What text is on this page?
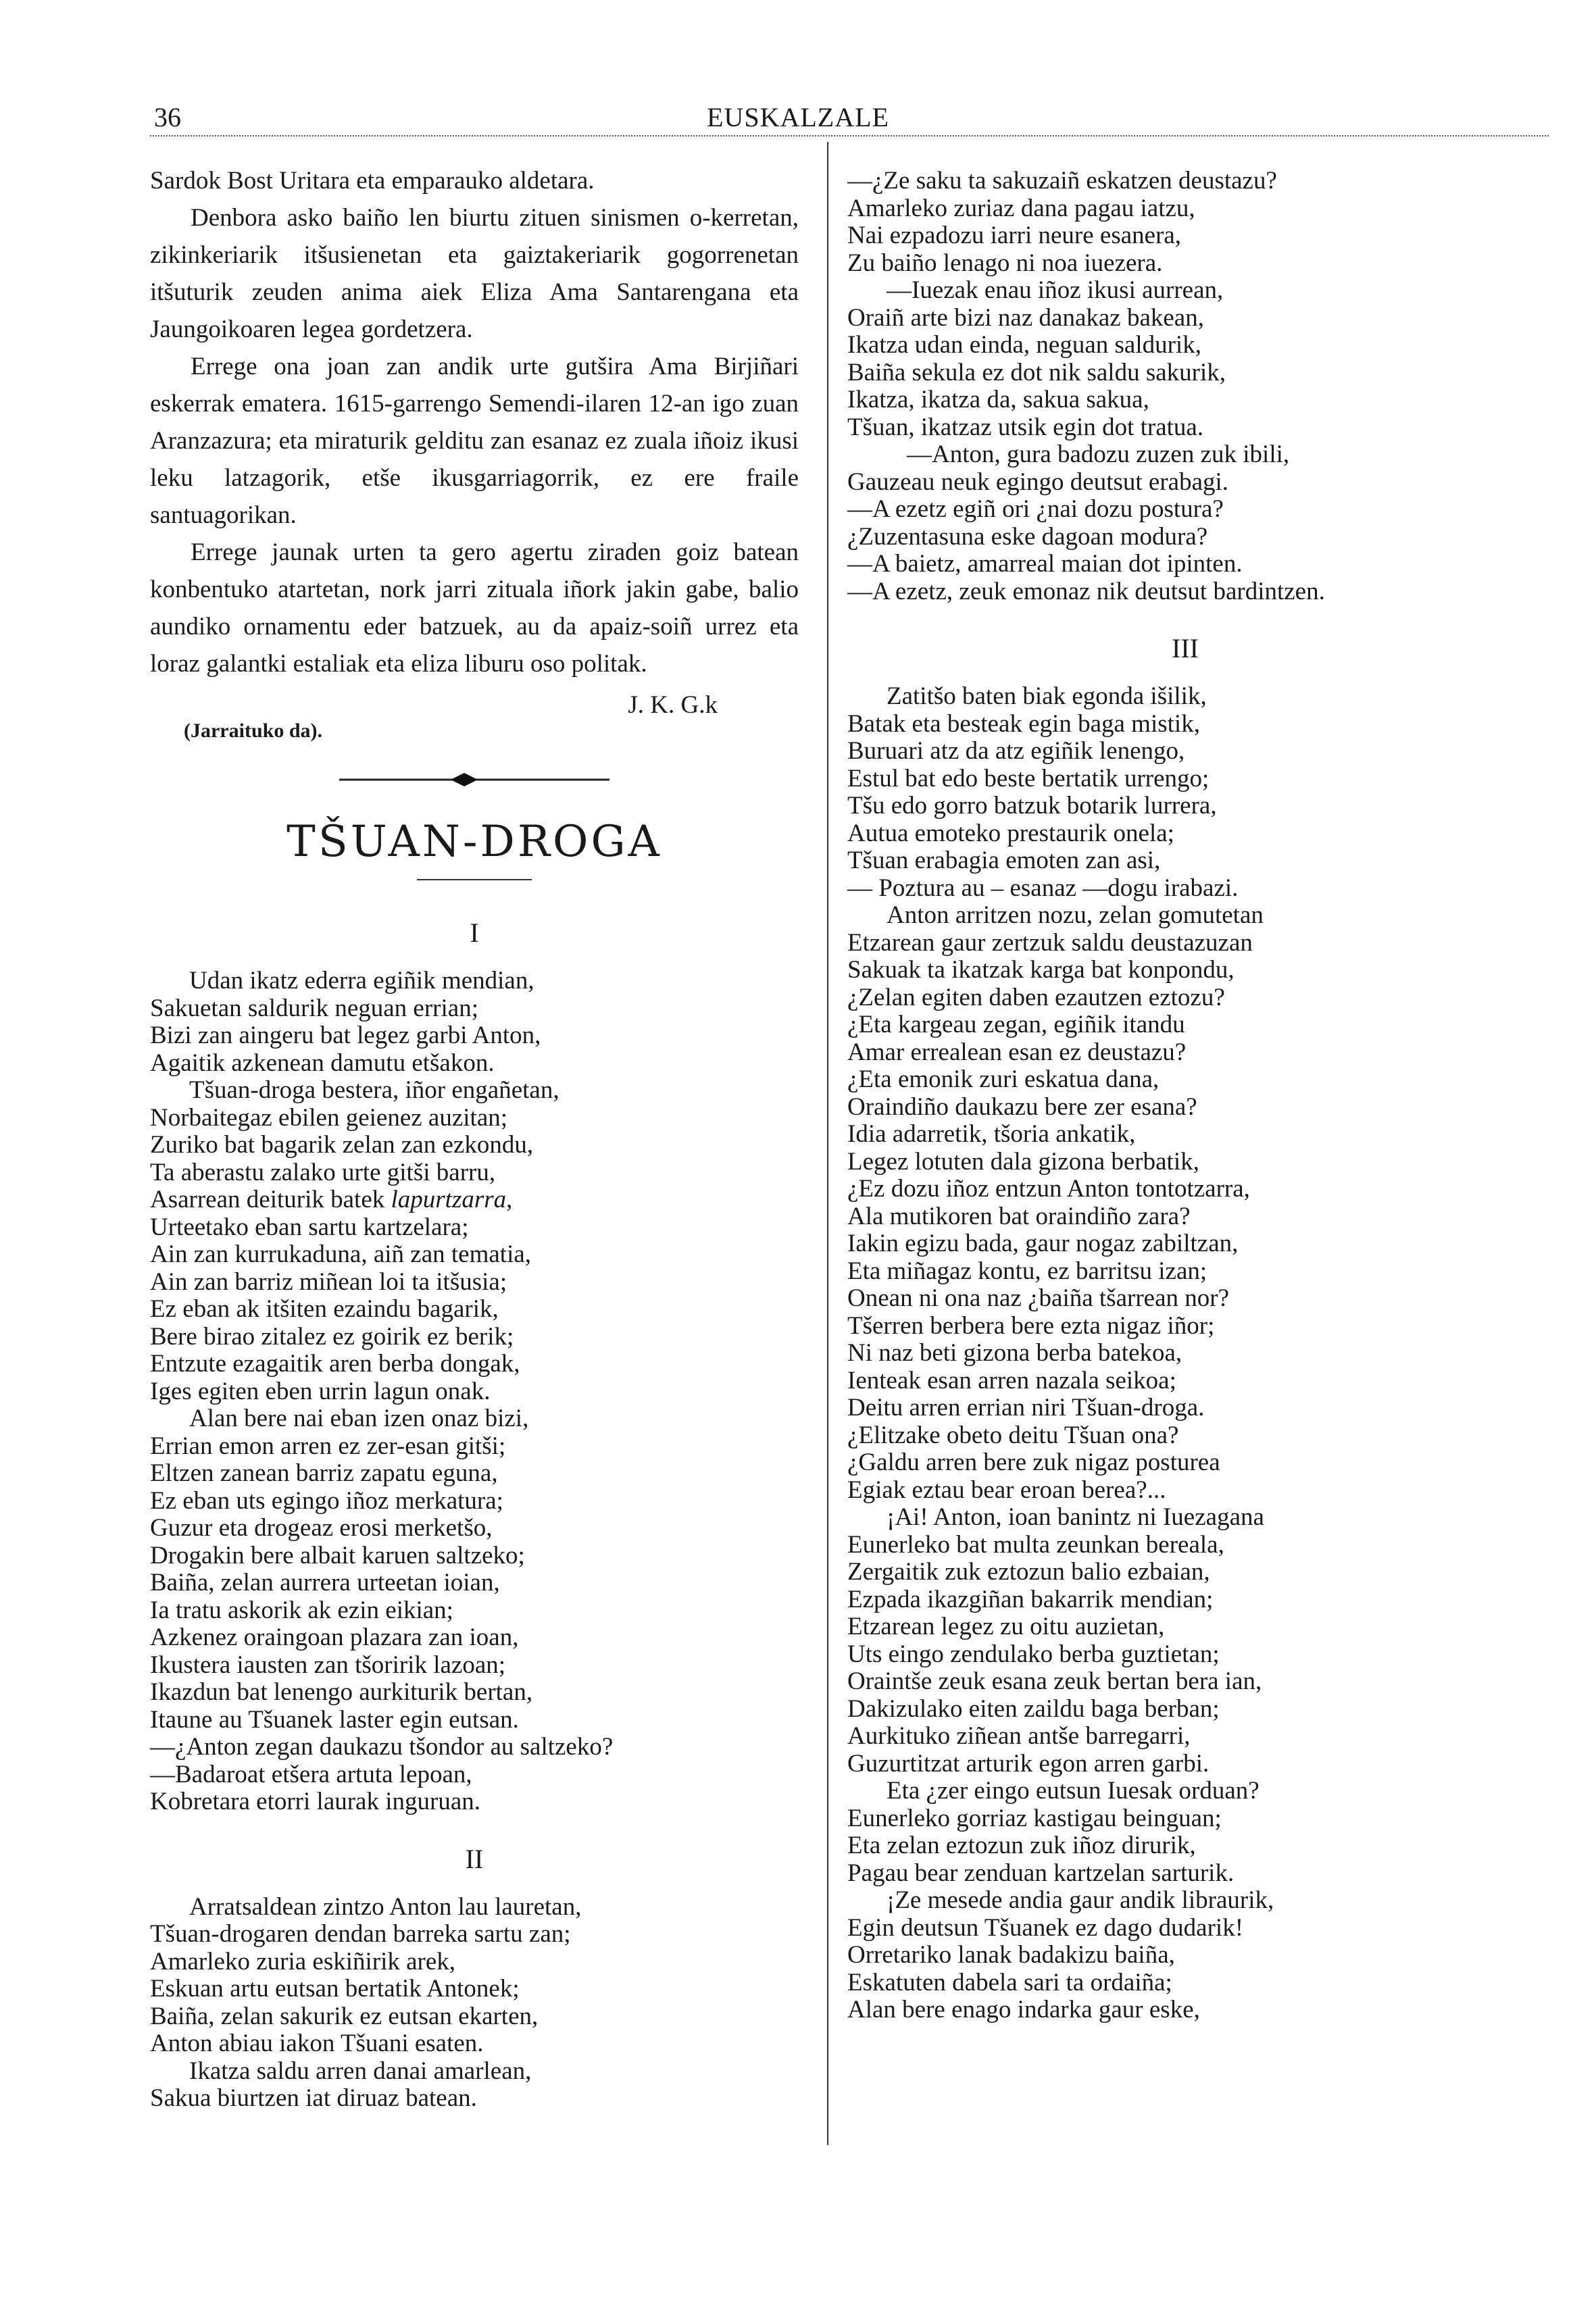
36	EUSKALZALE

Sardok Bost Uritara eta emparauko aldetara.

Denbora asko baiño len biurtu zituen sinismen o-kerretan, zikinkeriarik itšusienetan eta gaiztakeriarik gogorrenetan itšuturik zeuden anima aiek Eliza Ama Santarengana eta Jaungoikoaren legea gordetzera.

Errege ona joan zan andik urte gutšira Ama Birjiñari eskerrak ematera. 1615-garrengo Semendi-ilaren 12-an igo zuan Aranzazura; eta miraturik gelditu zan esanaz ez zuala iñoiz ikusi leku latzagorik, etše ikusgarriagorrik, ez ere fraile santuagorikan.

Errege jaunak urten ta gero agertu ziraden goiz batean konbentuko atartetan, nork jarri zituala iñork jakin gabe, balio aundiko ornamentu eder batzuek, au da apaiz-soiñ urrez eta loraz galantki estaliak eta eliza liburu oso politak.

J. K. G.k
(Jarraituko da).
TŠUAN-DROGA
I
Udan ikatz ederra egiñik mendian,
Sakuetan saldurik neguan errian;
Bizi zan aingeru bat legez garbi Anton,
Agaitik azkenean damutu etšakon.
Tšuan-droga bestera, iñor engañetan,
Norbaitegaz ebilen geienez auzitan;
Zuriko bat bagarik zelan zan ezkondu,
Ta aberastu zalako urte gitši barru,
Asarrean deiturik batek lapurtzarra,
Urteetako eban sartu kartzelara;
Ain zan kurrukaduna, aiñ zan tematia,
Ain zan barriz miñean loi ta itšusia;
Ez eban ak itšiten ezaindu bagarik,
Bere birao zitalez ez goirik ez berik;
Entzute ezagaitik aren berba dongak,
Iges egiten eben urrin lagun onak.
Alan bere nai eban izen onaz bizi,
Errian emon arren ez zer-esan gitši;
Eltzen zanean barriz zapatu eguna,
Ez eban uts egingo iñoz merkatura;
Guzur eta drogeaz erosi merketšo,
Drogakin bere albait karuen saltzeko;
Baiña, zelan aurrera urteetan ioian,
Ia tratu askorik ak ezin eikian;
Azkenez oraingoan plazara zan ioan,
Ikustera iausten zan tšoririk lazoan;
Ikazdun bat lenengo aurkiturik bertan,
Itaune au Tšuanek laster egin eutsan.
—¿Anton zegan daukazu tšondor au saltzeko?
—Badaroat etšera artuta lepoan,
Kobretara etorri laurak inguruan.
II
Arratsaldean zintzo Anton lau lauretan,
Tšuan-drogaren dendan barreka sartu zan;
Amarleko zuria eskiñirik arek,
Eskuan artu eutsan bertatik Antonek;
Baiña, zelan sakurik ez eutsan ekarten,
Anton abiau iakon Tšuani esaten.
Ikatza saldu arren danai amarlean,
Sakua biurtzen iat diruaz batean.
—¿Ze saku ta sakuzaiñ eskatzen deustazu?
Amarleko zuriaz dana pagau iatzu,
Nai ezpadozu iarri neure esanera,
Zu baiño lenago ni noa iuezera.
—Iuezak enau iñoz ikusi aurrean,
Oraiñ arte bizi naz danakaz bakean,
Ikatza udan einda, neguan saldurik,
Baiña sekula ez dot nik saldu sakurik,
Ikatza, ikatza da, sakua sakua,
Tšuan, ikatzaz utsik egin dot tratua.
—Anton, gura badozu zuzen zuk ibili,
Gauzeau neuk egingo deutsut erabagi.
—A ezetz egiñ ori ¿nai dozu postura?
¿Zuzentasuna eske dagoan modura?
—A baietz, amarreal maian dot ipinten.
—A ezetz, zeuk emonaz nik deutsut bardintzen.
III
Zatitšo baten biak egonda išilik,
Batak eta besteak egin baga mistik,
Buruari atz da atz egiñik lenengo,
Estul bat edo beste bertatik urrengo;
Tšu edo gorro batzuk botarik lurrera,
Autua emoteko prestaurik onela;
Tšuan erabagia emoten zan asi,
— Poztura au – esanaz —dogu irabazi.
Anton arritzen nozu, zelan gomutetan
Etzarean gaur zertzuk saldu deustazuzan
Sakuak ta ikatzak karga bat konpondu,
¿Zelan egiten daben ezautzen eztozu?
¿Eta kargeau zegan, egiñik itandu
Amar errealean esan ez deustazu?
¿Eta emonik zuri eskatua dana,
Oraindiño daukazu bere zer esana?
Idia adarretik, tšoria ankatik,
Legez lotuten dala gizona berbatik,
¿Ez dozu iñoz entzun Anton tontotzarra,
Ala mutikoren bat oraindiño zara?
Iakin egizu bada, gaur nogaz zabiltzan,
Eta miñagaz kontu, ez barritsu izan;
Onean ni ona naz ¿baiña tšarrean nor?
Tšerren berbera bere ezta nigaz iñor;
Ni naz beti gizona berba batekoa,
Ienteak esan arren nazala seikoa;
Deitu arren errian niri Tšuan-droga.
¿Elitzake obeto deitu Tšuan ona?
¿Galdu arren bere zuk nigaz posturea
Egiak eztau bear eroan berea?...
¡Ai! Anton, ioan banintz ni Iuezagana
Eunerleko bat multa zeunkan bereala,
Zergaitik zuk eztozun balio ezbaian,
Ezpada ikazgiñan bakarrik mendian;
Etzarean legez zu oitu auzietan,
Uts eingo zendulako berba guztietan;
Oraintše zeuk esana zeuk bertan bera ian,
Dakizulako eiten zaildu baga berban;
Aurkituko ziñean antše barregarri,
Guzurtitzat arturik egon arren garbi.
Eta ¿zer eingo eutsun Iuesak orduan?
Eunerleko gorriaz kastigau beinguan;
Eta zelan eztozun zuk iñoz dirurik,
Pagau bear zenduan kartzelan sarturik.
¡Ze mesede andia gaur andik librаurik,
Egin deutsun Tšuanek ez dago dudarik!
Orretariko lanak badakizu baiña,
Eskatuten dabela sari ta ordaiña;
Alan bere enago indarka gaur eske,
